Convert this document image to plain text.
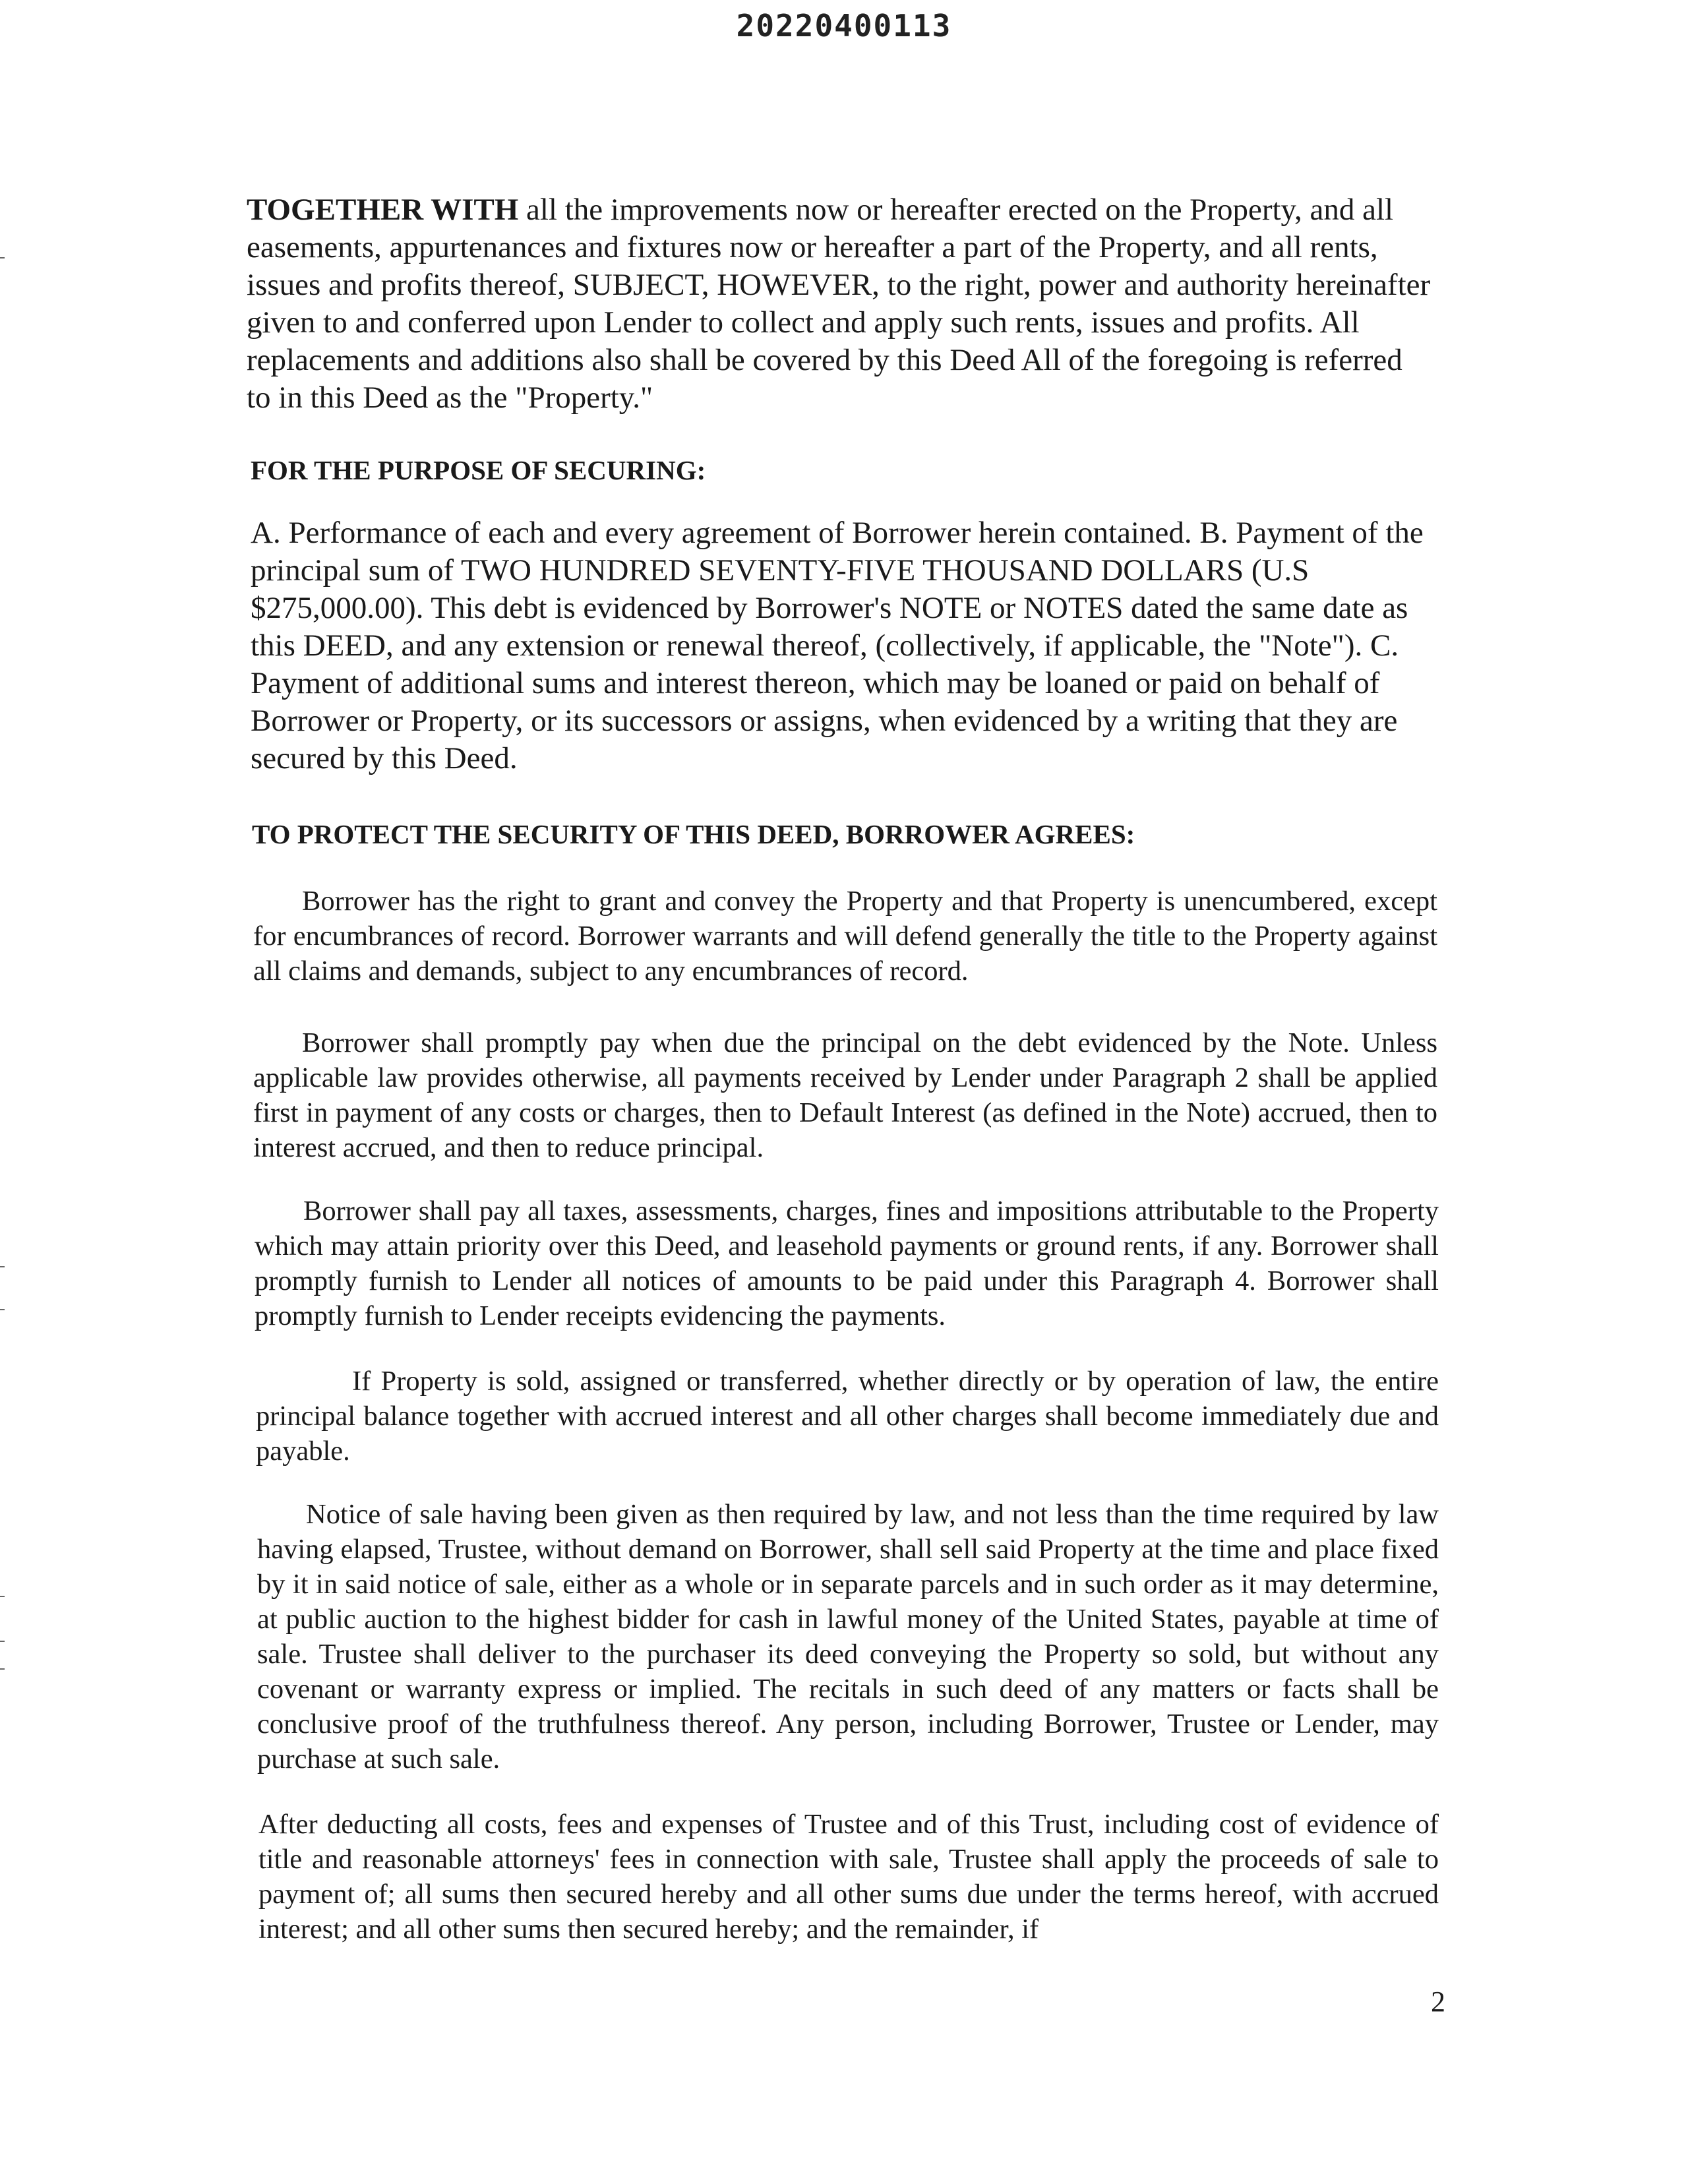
20220400113

TOGETHER WITH all the improvements now or hereafter erected on the Property, and all easements, appurtenances and fixtures now or hereafter a part of the Property, and all rents, issues and profits thereof, SUBJECT, HOWEVER, to the right, power and authority hereinafter given to and conferred upon Lender to collect and apply such rents, issues and profits. All replacements and additions also shall be covered by this Deed All of the foregoing is referred to in this Deed as the "Property."

FOR THE PURPOSE OF SECURING:

A. Performance of each and every agreement of Borrower herein contained. B. Payment of the principal sum of TWO HUNDRED SEVENTY-FIVE THOUSAND DOLLARS (U.S $275,000.00). This debt is evidenced by Borrower's NOTE or NOTES dated the same date as this DEED, and any extension or renewal thereof, (collectively, if applicable, the "Note"). C. Payment of additional sums and interest thereon, which may be loaned or paid on behalf of Borrower or Property, or its successors or assigns, when evidenced by a writing that they are secured by this Deed.

TO PROTECT THE SECURITY OF THIS DEED, BORROWER AGREES:

Borrower has the right to grant and convey the Property and that Property is unencumbered, except for encumbrances of record. Borrower warrants and will defend generally the title to the Property against all claims and demands, subject to any encumbrances of record.

Borrower shall promptly pay when due the principal on the debt evidenced by the Note. Unless applicable law provides otherwise, all payments received by Lender under Paragraph 2 shall be applied first in payment of any costs or charges, then to Default Interest (as defined in the Note) accrued, then to interest accrued, and then to reduce principal.

Borrower shall pay all taxes, assessments, charges, fines and impositions attributable to the Property which may attain priority over this Deed, and leasehold payments or ground rents, if any. Borrower shall promptly furnish to Lender all notices of amounts to be paid under this Paragraph 4. Borrower shall promptly furnish to Lender receipts evidencing the payments.

If Property is sold, assigned or transferred, whether directly or by operation of law, the entire principal balance together with accrued interest and all other charges shall become immediately due and payable.

Notice of sale having been given as then required by law, and not less than the time required by law having elapsed, Trustee, without demand on Borrower, shall sell said Property at the time and place fixed by it in said notice of sale, either as a whole or in separate parcels and in such order as it may determine, at public auction to the highest bidder for cash in lawful money of the United States, payable at time of sale. Trustee shall deliver to the purchaser its deed conveying the Property so sold, but without any covenant or warranty express or implied. The recitals in such deed of any matters or facts shall be conclusive proof of the truthfulness thereof. Any person, including Borrower, Trustee or Lender, may purchase at such sale.

After deducting all costs, fees and expenses of Trustee and of this Trust, including cost of evidence of title and reasonable attorneys' fees in connection with sale, Trustee shall apply the proceeds of sale to payment of; all sums then secured hereby and all other sums due under the terms hereof, with accrued interest; and all other sums then secured hereby; and the remainder, if

2
